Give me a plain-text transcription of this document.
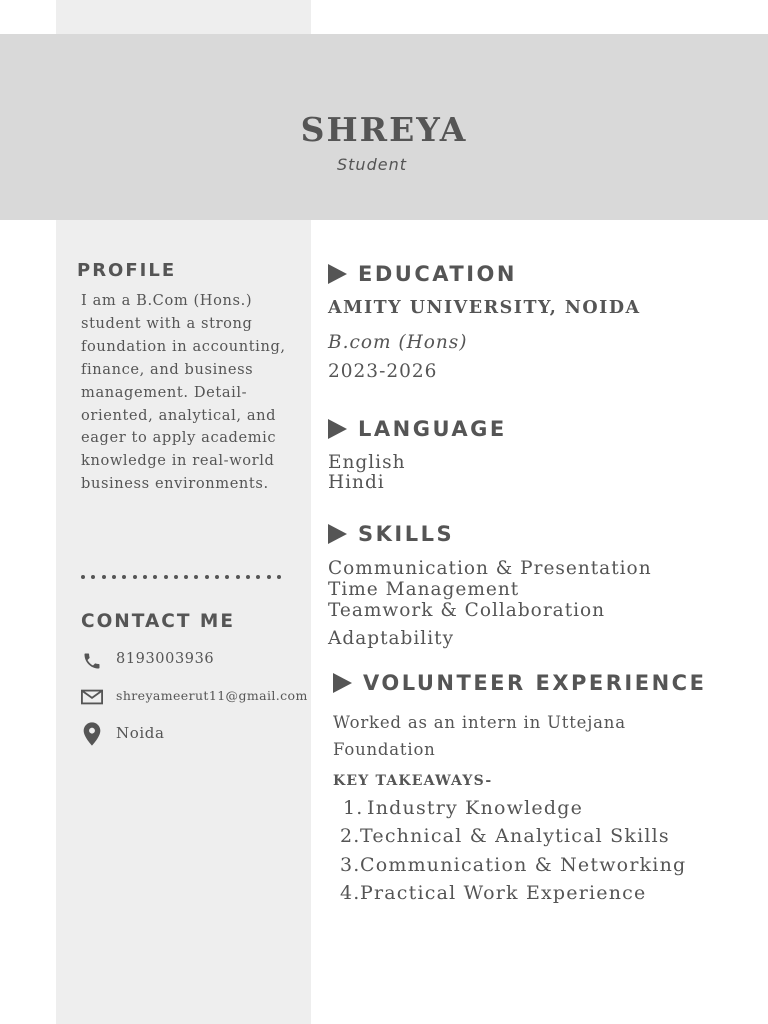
SHREYA
Student
PROFILE

I am a B.Com (Hons.) student with a strong foundation in accounting, finance, and business management. Detail-oriented, analytical, and eager to apply academic knowledge in real-world business environments.

CONTACT ME
8193003936
shreyameerut11@gmail.com
Noida
EDUCATION
AMITY UNIVERSITY, NOIDA
B.com (Hons)
2023-2026
LANGUAGE
English
Hindi
SKILLS
Communication & Presentation
Time Management
Teamwork & Collaboration
Adaptability
VOLUNTEER EXPERIENCE
Worked as an intern in Uttejana
Foundation
KEY TAKEAWAYS-
1. Industry Knowledge
2.Technical & Analytical Skills
3.Communication & Networking
4.Practical Work Experience
